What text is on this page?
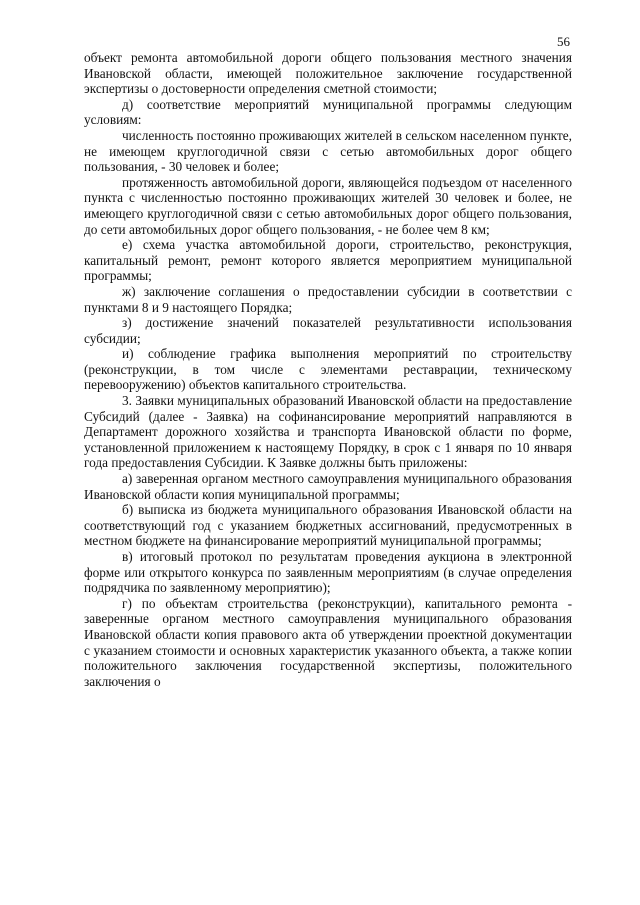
56

объект ремонта автомобильной дороги общего пользования местного значения Ивановской области, имеющей положительное заключение государственной экспертизы о достоверности определения сметной стоимости;

д) соответствие мероприятий муниципальной программы следующим условиям:

численность постоянно проживающих жителей в сельском населенном пункте, не имеющем круглогодичной связи с сетью автомобильных дорог общего пользования, - 30 человек и более;

протяженность автомобильной дороги, являющейся подъездом от населенного пункта с численностью постоянно проживающих жителей 30 человек и более, не имеющего круглогодичной связи с сетью автомобильных дорог общего пользования, до сети автомобильных дорог общего пользования, - не более чем 8 км;

е) схема участка автомобильной дороги, строительство, реконструкция, капитальный ремонт, ремонт которого является мероприятием муниципальной программы;

ж) заключение соглашения о предоставлении субсидии в соответствии с пунктами 8 и 9 настоящего Порядка;

з) достижение значений показателей результативности использования субсидии;

и) соблюдение графика выполнения мероприятий по строительству (реконструкции, в том числе с элементами реставрации, техническому перевооружению) объектов капитального строительства.

3. Заявки муниципальных образований Ивановской области на предоставление Субсидий (далее - Заявка) на софинансирование мероприятий направляются в Департамент дорожного хозяйства и транспорта Ивановской области по форме, установленной приложением к настоящему Порядку, в срок с 1 января по 10 января года предоставления Субсидии. К Заявке должны быть приложены:

а) заверенная органом местного самоуправления муниципального образования Ивановской области копия муниципальной программы;

б) выписка из бюджета муниципального образования Ивановской области на соответствующий год с указанием бюджетных ассигнований, предусмотренных в местном бюджете на финансирование мероприятий муниципальной программы;

в) итоговый протокол по результатам проведения аукциона в электронной форме или открытого конкурса по заявленным мероприятиям (в случае определения подрядчика по заявленному мероприятию);

г) по объектам строительства (реконструкции), капитального ремонта - заверенные органом местного самоуправления муниципального образования Ивановской области копия правового акта об утверждении проектной документации с указанием стоимости и основных характеристик указанного объекта, а также копии положительного заключения государственной экспертизы, положительного заключения о
